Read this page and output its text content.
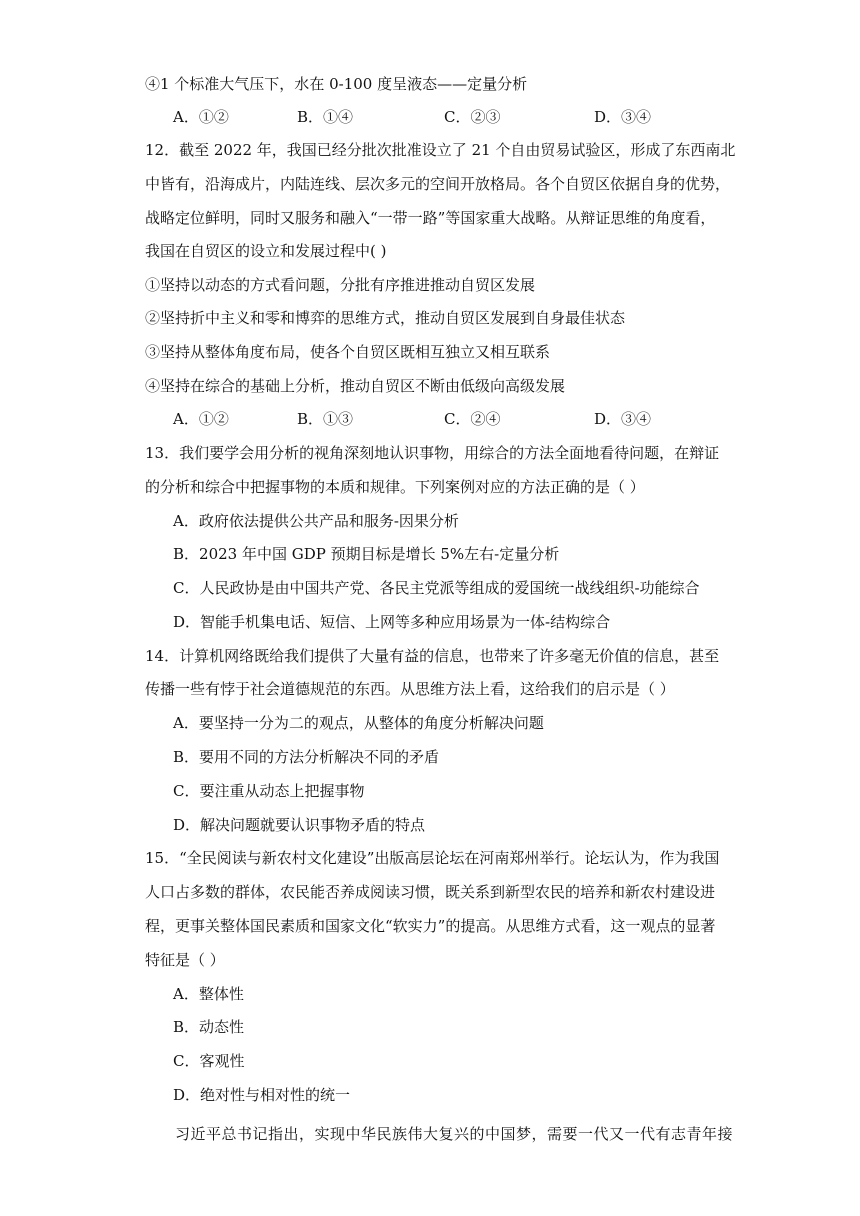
④1 个标准大气压下，水在 0-100 度呈液态——定量分析
A．①②	B．①④	C．②③	D．③④
12．截至 2022 年，我国已经分批次批准设立了 21 个自由贸易试验区，形成了东西南北
中皆有，沿海成片，内陆连线、层次多元的空间开放格局。各个自贸区依据自身的优势，
战略定位鲜明，同时又服务和融入“一带一路”等国家重大战略。从辩证思维的角度看，
我国在自贸区的设立和发展过程中( )
①坚持以动态的方式看问题，分批有序推进推动自贸区发展
②坚持折中主义和零和博弈的思维方式，推动自贸区发展到自身最佳状态
③坚持从整体角度布局，使各个自贸区既相互独立又相互联系
④坚持在综合的基础上分析，推动自贸区不断由低级向高级发展
A．①②	B．①③	C．②④	D．③④
13．我们要学会用分析的视角深刻地认识事物，用综合的方法全面地看待问题，在辩证
的分析和综合中把握事物的本质和规律。下列案例对应的方法正确的是（ ）
A．政府依法提供公共产品和服务-因果分析
B．2023 年中国 GDP 预期目标是增长 5%左右-定量分析
C．人民政协是由中国共产党、各民主党派等组成的爱国统一战线组织-功能综合
D．智能手机集电话、短信、上网等多种应用场景为一体-结构综合
14．计算机网络既给我们提供了大量有益的信息，也带来了许多毫无价值的信息，甚至
传播一些有悖于社会道德规范的东西。从思维方法上看，这给我们的启示是（ ）
A．要坚持一分为二的观点，从整体的角度分析解决问题
B．要用不同的方法分析解决不同的矛盾
C．要注重从动态上把握事物
D．解决问题就要认识事物矛盾的特点
15．“全民阅读与新农村文化建设”出版高层论坛在河南郑州举行。论坛认为，作为我国
人口占多数的群体，农民能否养成阅读习惯，既关系到新型农民的培养和新农村建设进
程，更事关整体国民素质和国家文化“软实力”的提高。从思维方式看，这一观点的显著
特征是（ ）
A．整体性
B．动态性
C．客观性
D．绝对性与相对性的统一
习近平总书记指出，实现中华民族伟大复兴的中国梦，需要一代又一代有志青年接
